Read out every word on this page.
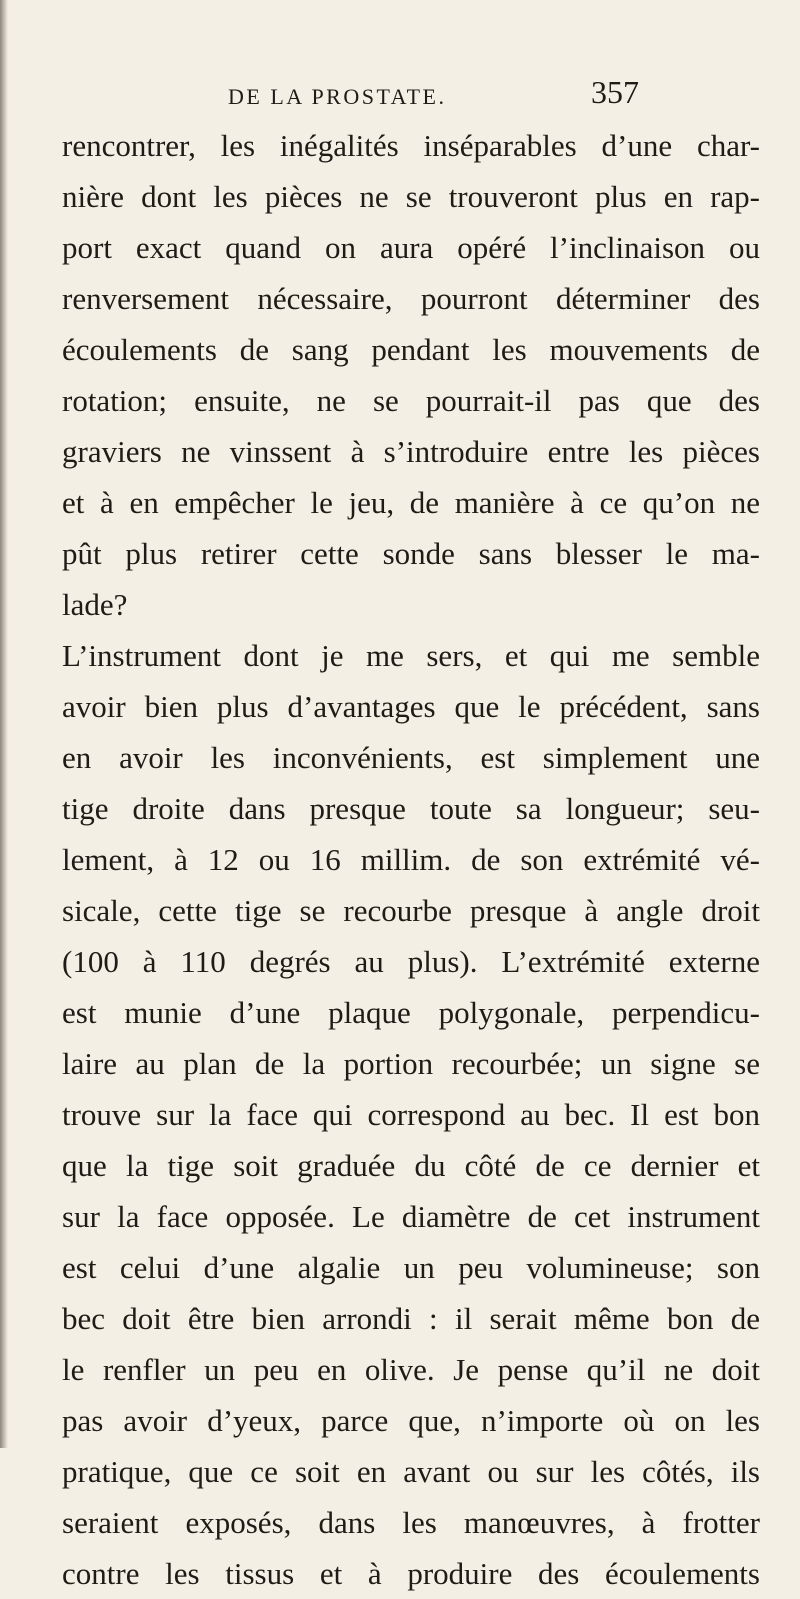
DE LA PROSTATE.	357
rencontrer, les inégalités inséparables d’une char-
nière dont les pièces ne se trouveront plus en rap-
port exact quand on aura opéré l’inclinaison ou
renversement nécessaire, pourront déterminer des
écoulements de sang pendant les mouvements de
rotation; ensuite, ne se pourrait-il pas que des
graviers ne vinssent à s’introduire entre les pièces
et à en empêcher le jeu, de manière à ce qu’on ne
pût plus retirer cette sonde sans blesser le ma-
lade?
L’instrument dont je me sers, et qui me semble
avoir bien plus d’avantages que le précédent, sans
en avoir les inconvénients, est simplement une
tige droite dans presque toute sa longueur; seu-
lement, à 12 ou 16 millim. de son extrémité vé-
sicale, cette tige se recourbe presque à angle droit
(100 à 110 degrés au plus). L’extrémité externe
est munie d’une plaque polygonale, perpendicu-
laire au plan de la portion recourbée; un signe se
trouve sur la face qui correspond au bec. Il est bon
que la tige soit graduée du côté de ce dernier et
sur la face opposée. Le diamètre de cet instrument
est celui d’une algalie un peu volumineuse; son
bec doit être bien arrondi : il serait même bon de
le renfler un peu en olive. Je pense qu’il ne doit
pas avoir d’yeux, parce que, n’importe où on les
pratique, que ce soit en avant ou sur les côtés, ils
seraient exposés, dans les manœuvres, à frotter
contre les tissus et à produire des écoulements
